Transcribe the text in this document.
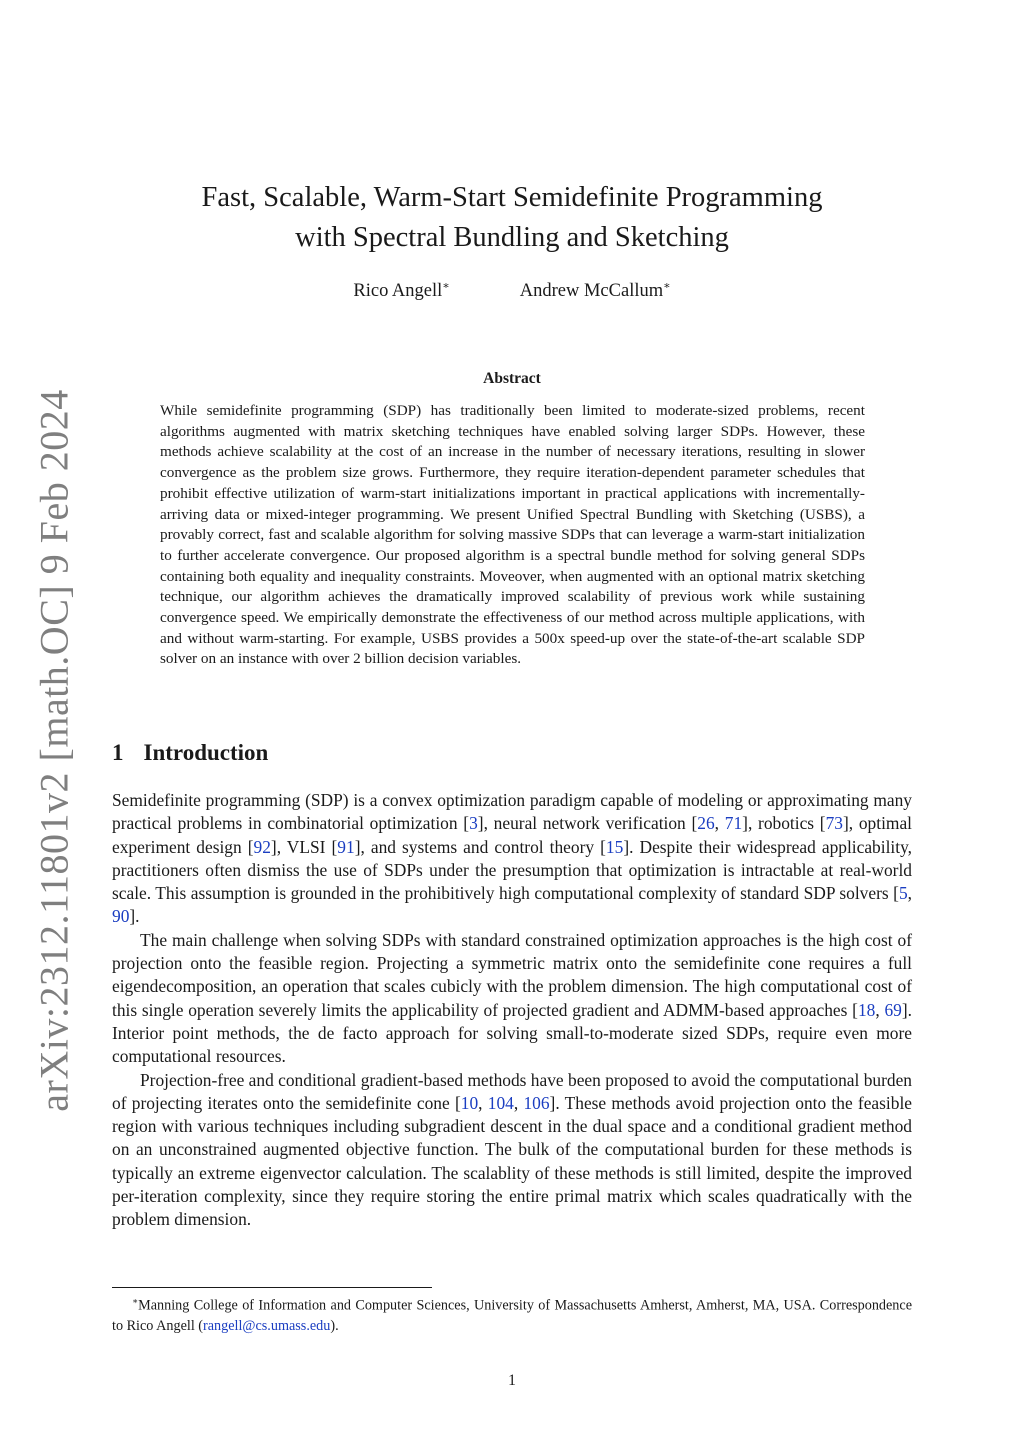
arXiv:2312.11801v2 [math.OC] 9 Feb 2024
Fast, Scalable, Warm-Start Semidefinite Programming
with Spectral Bundling and Sketching
Rico Angell∗	Andrew McCallum∗
Abstract
While semidefinite programming (SDP) has traditionally been limited to moderate-sized problems, recent algorithms augmented with matrix sketching techniques have enabled solving larger SDPs. However, these methods achieve scalability at the cost of an increase in the number of necessary iterations, resulting in slower convergence as the problem size grows. Furthermore, they require iteration-dependent parameter schedules that prohibit effective utilization of warm-start initializations important in practical applications with incrementally-arriving data or mixed-integer programming. We present Unified Spectral Bundling with Sketching (USBS), a provably correct, fast and scalable algorithm for solving massive SDPs that can leverage a warm-start initialization to further accelerate convergence. Our proposed algorithm is a spectral bundle method for solving general SDPs containing both equality and inequality constraints. Moveover, when augmented with an optional matrix sketching technique, our algorithm achieves the dramatically improved scalability of previous work while sustaining convergence speed. We empirically demonstrate the effectiveness of our method across multiple applications, with and without warm-starting. For example, USBS provides a 500x speed-up over the state-of-the-art scalable SDP solver on an instance with over 2 billion decision variables.
1 Introduction

Semidefinite programming (SDP) is a convex optimization paradigm capable of modeling or approximating many practical problems in combinatorial optimization [3], neural network verification [26, 71], robotics [73], optimal experiment design [92], VLSI [91], and systems and control theory [15]. Despite their widespread applicability, practitioners often dismiss the use of SDPs under the presumption that optimization is intractable at real-world scale. This assumption is grounded in the prohibitively high computational complexity of standard SDP solvers [5, 90].

The main challenge when solving SDPs with standard constrained optimization approaches is the high cost of projection onto the feasible region. Projecting a symmetric matrix onto the semidefinite cone requires a full eigendecomposition, an operation that scales cubicly with the problem dimension. The high computational cost of this single operation severely limits the applicability of projected gradient and ADMM-based approaches [18, 69]. Interior point methods, the de facto approach for solving small-to-moderate sized SDPs, require even more computational resources.

Projection-free and conditional gradient-based methods have been proposed to avoid the computational burden of projecting iterates onto the semidefinite cone [10, 104, 106]. These methods avoid projection onto the feasible region with various techniques including subgradient descent in the dual space and a conditional gradient method on an unconstrained augmented objective function. The bulk of the computational burden for these methods is typically an extreme eigenvector calculation. The scalablity of these methods is still limited, despite the improved per-iteration complexity, since they require storing the entire primal matrix which scales quadratically with the problem dimension.

∗Manning College of Information and Computer Sciences, University of Massachusetts Amherst, Amherst, MA, USA. Correspondence to Rico Angell (rangell@cs.umass.edu).
1
